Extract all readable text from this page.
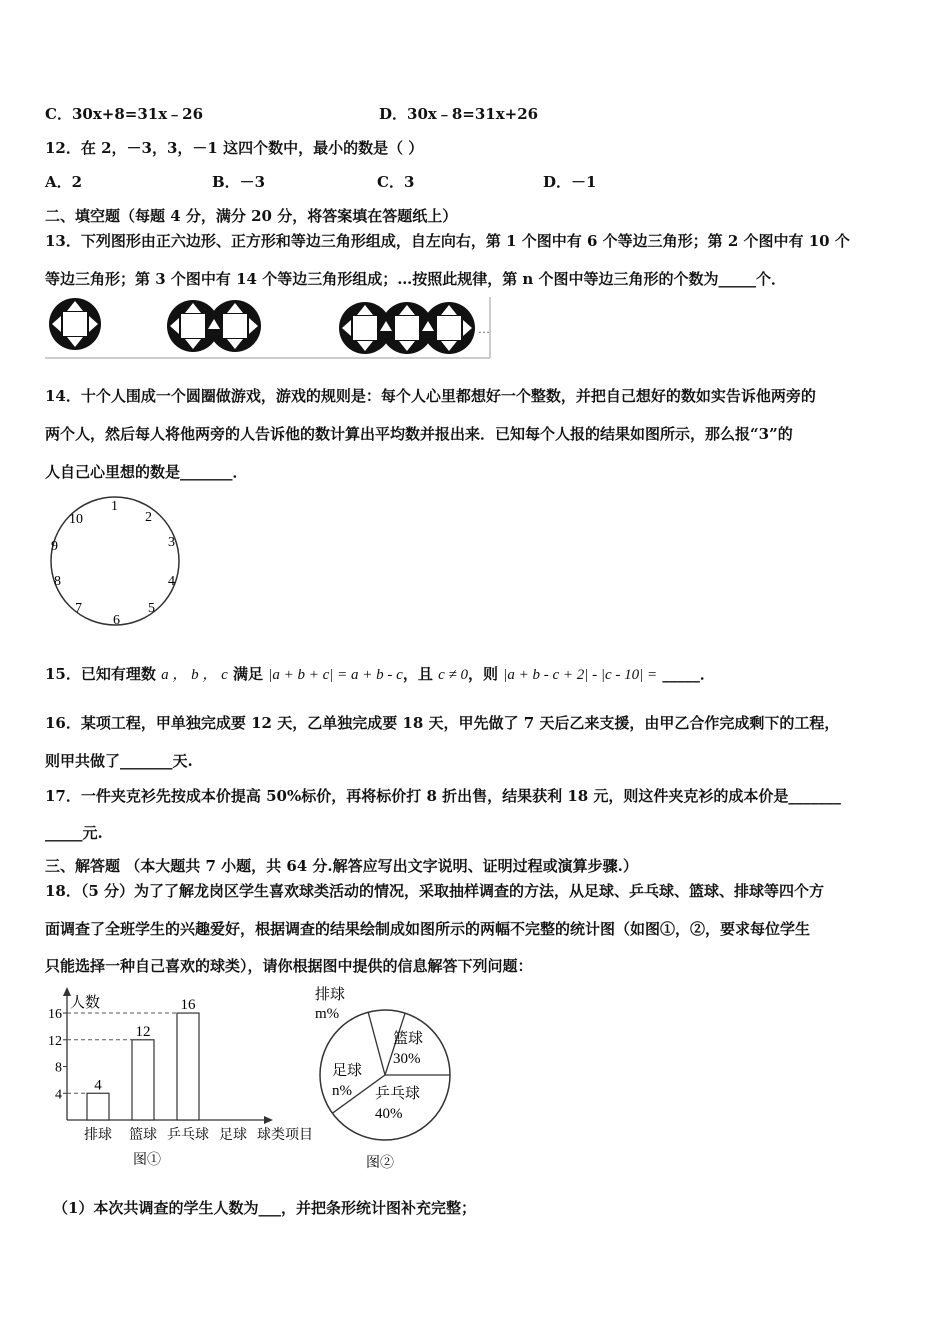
C．30x+8=31x﹣26	D．30x﹣8=31x+26
12．在 2，－3，3，－1 这四个数中，最小的数是（ ）
A．2	B．－3	C．3	D．－1
二、填空题（每题 4 分，满分 20 分，将答案填在答题纸上）
13．下列图形由正六边形、正方形和等边三角形组成，自左向右，第 1 个图中有 6 个等边三角形；第 2 个图中有 10 个
等边三角形；第 3 个图中有 14 个等边三角形组成；…按照此规律，第 n 个图中等边三角形的个数为_____个．
…
14．十个人围成一个圆圈做游戏，游戏的规则是：每个人心里都想好一个整数，并把自己想好的数如实告诉他两旁的
两个人，然后每人将他两旁的人告诉他的数计算出平均数并报出来．已知每个人报的结果如图所示，那么报“3”的
人自己心里想的数是_______．
1
2
3
4
5
6
7
8
9
10
15．已知有理数 a ， b ， c 满足 |a + b + c| = a + b - c，且 c ≠ 0，则 |a + b - c + 2| - |c - 10| = _____．
16．某项工程，甲单独完成要 12 天，乙单独完成要 18 天，甲先做了 7 天后乙来支援，由甲乙合作完成剩下的工程，
则甲共做了_______天.
17．一件夹克衫先按成本价提高 50%标价，再将标价打 8 折出售，结果获利 18 元，则这件夹克衫的成本价是_______
_____元.
三、解答题 （本大题共 7 小题，共 64 分.解答应写出文字说明、证明过程或演算步骤.）
18．（5 分）为了了解龙岗区学生喜欢球类活动的情况，采取抽样调查的方法，从足球、乒乓球、篮球、排球等四个方
面调查了全班学生的兴趣爱好，根据调查的结果绘制成如图所示的两幅不完整的统计图（如图①，②，要求每位学生
只能选择一种自己喜欢的球类），请你根据图中提供的信息解答下列问题：
人数
4
8
12
16
排球
4
篮球
12
乒乓球
16
足球 球类项目
图①
排球
m%
篮球
30%
乒乓球
40%
足球
n%
图②
（1）本次共调查的学生人数为___，并把条形统计图补充完整；
